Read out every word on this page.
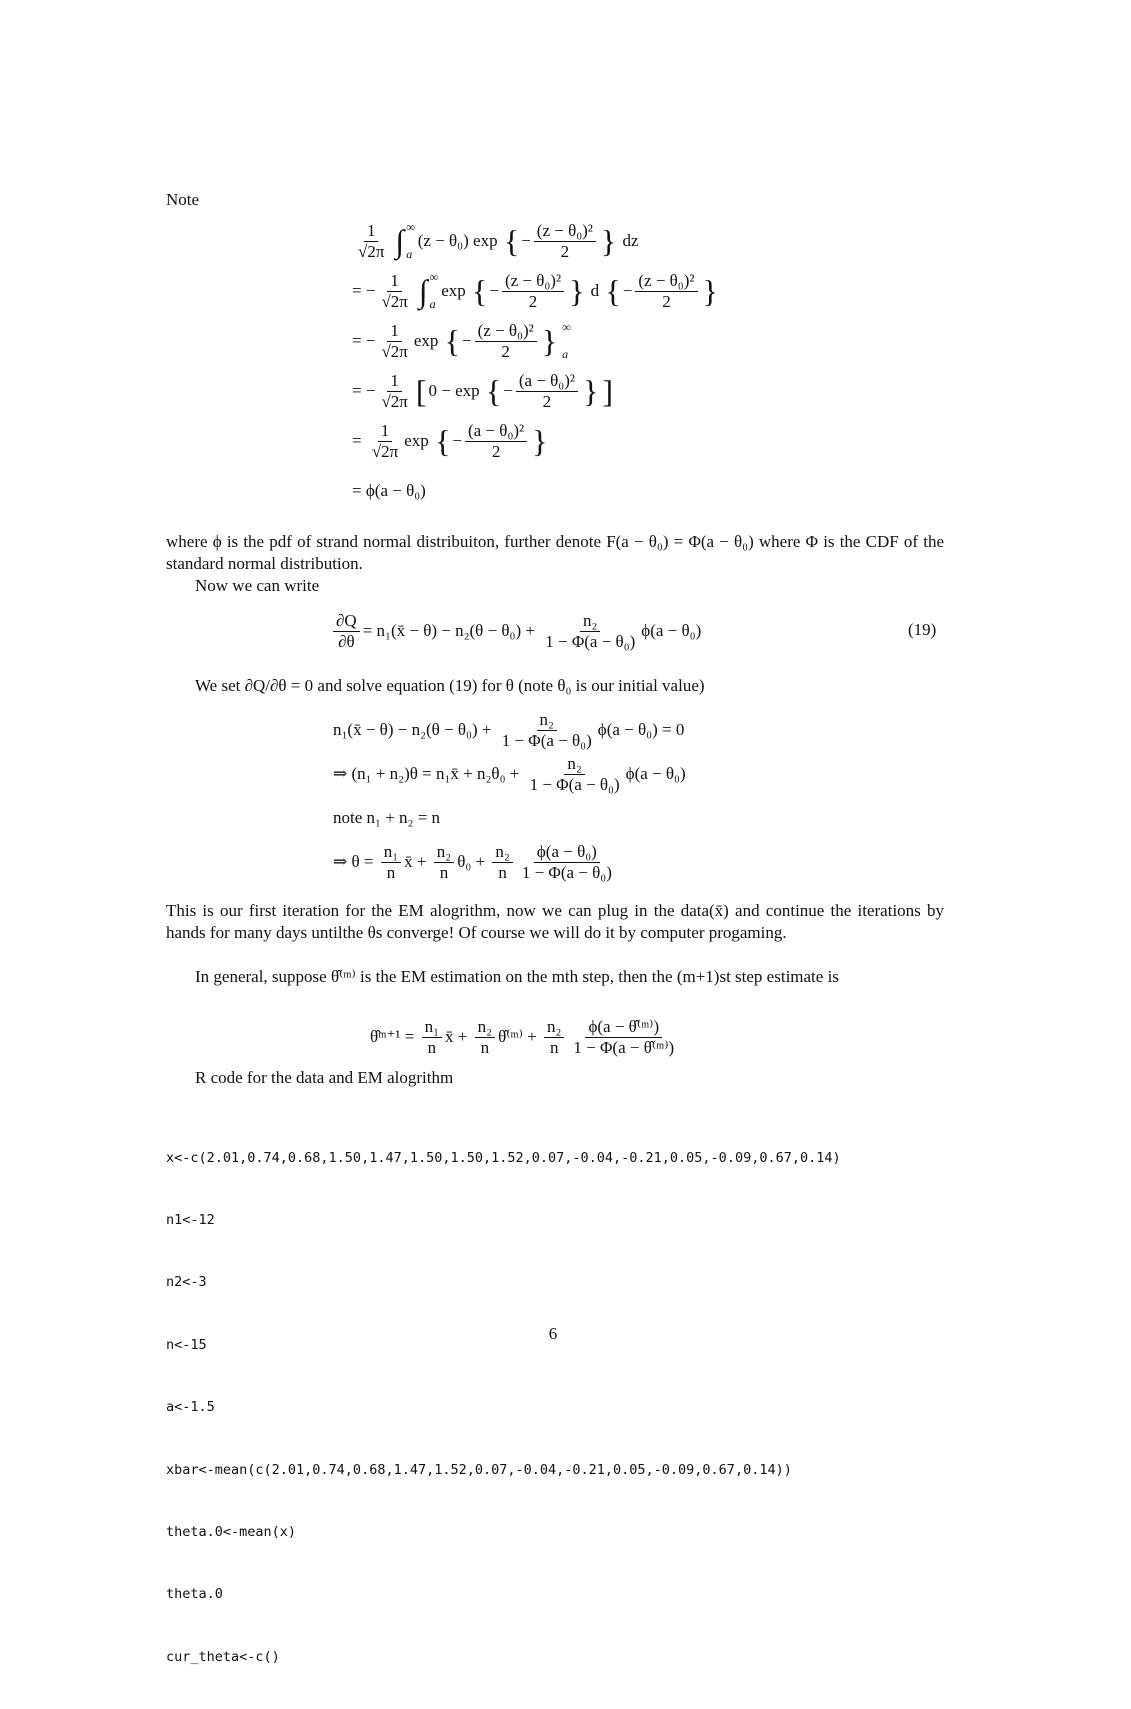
Note
$\frac{1}{√2\pi}$ ∫ ∞
a
(z − θ₀) exp { − $\frac{\text{(z − θ₀)²}}{2}$ } dz
= − $\frac{1}{√2\pi}$ ∫ ∞
a
exp { − $\frac{\text{(z − θ₀)²}}{2}$ } d { − $\frac{\text{(z − θ₀)²}}{2}$ }
= − $\frac{1}{√2\pi}$ exp { − $\frac{\text{(z − θ₀)²}}{2}$ } ∞
a
= − $\frac{1}{√2\pi}$ [ 0 − exp { − $\frac{\text{(a − θ₀)²}}{2}$ } ]
= $\frac{1}{√2\pi}$ exp { − $\frac{\text{(a − θ₀)²}}{2}$ }
= ϕ(a − θ₀)
where ϕ is the pdf of strand normal distribuiton, further denote F(a − θ₀) = Φ(a − θ₀) where Φ is the CDF of the standard normal distribution.
Now we can write
$\frac{\partial Q}{\partial\theta}$ = n₁(x̄ − $\theta) - n_2(\theta - \theta_0) + \frac{\text{n₂}}{\text{1 − Φ(a − θ₀)}} \phi(a - \theta_0)$	(19)
We set ∂Q/∂θ = 0 and solve equation (19) for θ (note θ₀ is our initial value)
n₁(x̄ − $\theta) - n_2(\theta - \theta_0) + \frac{\text{n₂}}{\text{1 − Φ(a − θ₀)}} \phi(a - \theta_0) = 0$
⇒ (n₁ + n₂)θ = n₁x̄ + $n_2\theta_0 + \frac{\text{n₂}}{\text{1 − Φ(a − θ₀)}} \phi(a - \theta_0)$
note n₁ + n₂ = n
⇒ $\theta = \frac{\text{n₁}}{n}$ x̄ + $\frac{\text{n₂}}{n} \theta_0 + \frac{\text{n₂}}{n} \frac{\text{ϕ(a − θ₀)}}{\text{1 − Φ(a − θ₀)}}$
This is our first iteration for the EM alogrithm, now we can plug in the data(x̄) and continue the iterations by hands for many days untilthe θs converge! Of course we will do it by computer progaming.
In general, suppose θ̂⁽ᵐ⁾ is the EM estimation on the mth step, then the (m+1)st step estimate is
θ̂ᵐ⁺¹ = $\frac{\text{n₁}}{n}$ x̄ + $\frac{\text{n₂}}{n}$ θ̂⁽ᵐ⁾ + $\frac{\text{n₂}}{n} \frac{\text{ϕ(a − θ̂⁽ᵐ⁾)}}{\text{1 − Φ(a − θ̂⁽ᵐ⁾)}}$
R code for the data and EM alogrithm

x<-c(2.01,0.74,0.68,1.50,1.47,1.50,1.50,1.52,0.07,-0.04,-0.21,0.05,-0.09,0.67,0.14)

n1<-12

n2<-3

n<-15

a<-1.5

xbar<-mean(c(2.01,0.74,0.68,1.47,1.52,0.07,-0.04,-0.21,0.05,-0.09,0.67,0.14))

theta.0<-mean(x)

theta.0

cur_theta<-c()

6
